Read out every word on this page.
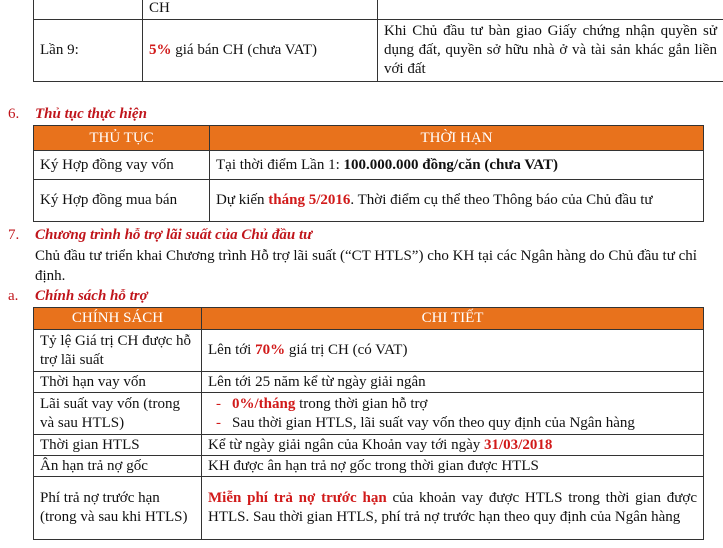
	CH	
Lần 9:	5% giá bán CH (chưa VAT)	Khi Chủ đầu tư bàn giao Giấy chứng nhận quyền sử dụng đất, quyền sở hữu nhà ở và tài sản khác gắn liền với đất
6. Thủ tục thực hiện
THỦ TỤC	THỜI HẠN
Ký Hợp đồng vay vốn	Tại thời điểm Lần 1: 100.000.000 đồng/căn (chưa VAT)
Ký Hợp đồng mua bán	Dự kiến tháng 5/2016. Thời điểm cụ thể theo Thông báo của Chủ đầu tư
7. Chương trình hỗ trợ lãi suất của Chủ đầu tư
Chủ đầu tư triển khai Chương trình Hỗ trợ lãi suất (“CT HTLS”) cho KH tại các Ngân hàng do Chủ đầu tư chỉ định.
a. Chính sách hỗ trợ
CHÍNH SÁCH	CHI TIẾT
Tỷ lệ Giá trị CH được hỗ trợ lãi suất	Lên tới 70% giá trị CH (có VAT)
Thời hạn vay vốn	Lên tới 25 năm kể từ ngày giải ngân
Lãi suất vay vốn (trong và sau HTLS)	- 0%/tháng trong thời gian hỗ trợ
- Sau thời gian HTLS, lãi suất vay vốn theo quy định của Ngân hàng

Thời gian HTLS	Kể từ ngày giải ngân của Khoản vay tới ngày 31/03/2018
Ân hạn trả nợ gốc	KH được ân hạn trả nợ gốc trong thời gian được HTLS
Phí trả nợ trước hạn (trong và sau khi HTLS)	Miễn phí trả nợ trước hạn của khoản vay được HTLS trong thời gian được HTLS. Sau thời gian HTLS, phí trả nợ trước hạn theo quy định của Ngân hàng
